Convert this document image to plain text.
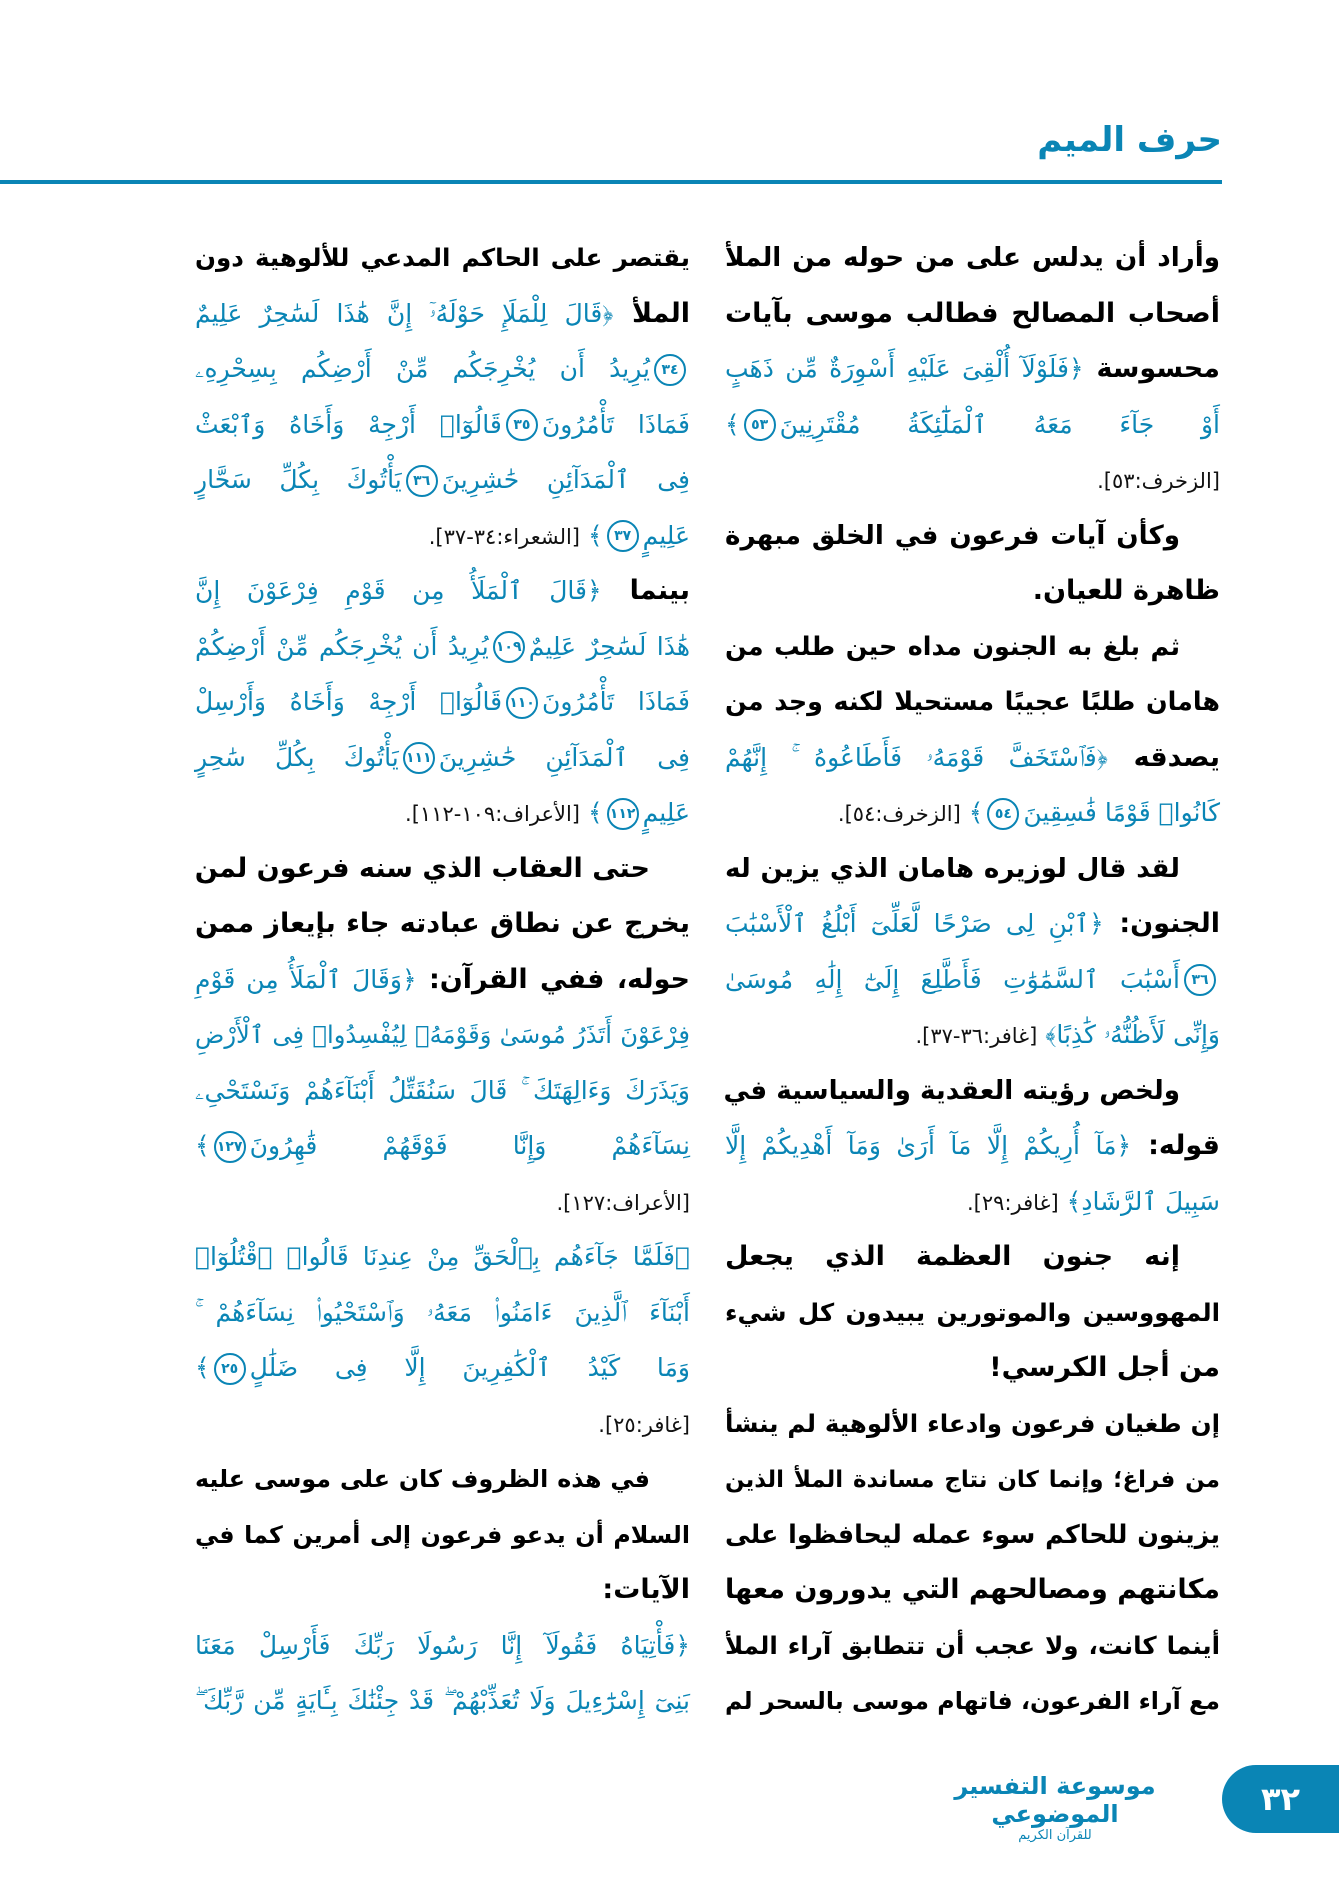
حرف الميم
وأراد أن يدلس على من حوله من الملأ
أصحاب المصالح فطالب موسى بآيات
محسوسة ﴿فَلَوْلَآ أُلْقِىَ عَلَيْهِ أَسْوِرَةٌ مِّن ذَهَبٍ
أَوْ جَآءَ مَعَهُ ٱلْمَلَٰٓئِكَةُ مُقْتَرِنِينَ٥٣﴾
[الزخرف:٥٣].
وكأن آيات فرعون في الخلق مبهرة
ظاهرة للعيان.
ثم بلغ به الجنون مداه حين طلب من
هامان طلبًا عجيبًا مستحيلا لكنه وجد من
يصدقه ﴿فَٱسْتَخَفَّ قَوْمَهُۥ فَأَطَاعُوهُ ۚ إِنَّهُمْ
كَانُوا۟ قَوْمًا فَٰسِقِينَ٥٤﴾ [الزخرف:٥٤].
لقد قال لوزيره هامان الذي يزين له
الجنون: ﴿ٱبْنِ لِى صَرْحًا لَّعَلِّىٓ أَبْلُغُ ٱلْأَسْبَٰبَ
٣٦أَسْبَٰبَ ٱلسَّمَٰوَٰتِ فَأَطَّلِعَ إِلَىٰٓ إِلَٰهِ مُوسَىٰ
وَإِنِّى لَأَظُنُّهُۥ كَٰذِبًا﴾ [غافر:٣٦-٣٧].
ولخص رؤيته العقدية والسياسية في
قوله: ﴿مَآ أُرِيكُمْ إِلَّا مَآ أَرَىٰ وَمَآ أَهْدِيكُمْ إِلَّا
سَبِيلَ ٱلرَّشَادِ﴾ [غافر:٢٩].
إنه جنون العظمة الذي يجعل
المهووسين والموتورين يبيدون كل شيء
من أجل الكرسي!
إن طغيان فرعون وادعاء الألوهية لم ينشأ
من فراغ؛ وإنما كان نتاج مساندة الملأ الذين
يزينون للحاكم سوء عمله ليحافظوا على
مكانتهم ومصالحهم التي يدورون معها
أينما كانت، ولا عجب أن تتطابق آراء الملأ
مع آراء الفرعون، فاتهام موسى بالسحر لم
يقتصر على الحاكم المدعي للألوهية دون
الملأ ﴿قَالَ لِلْمَلَإِ حَوْلَهُۥٓ إِنَّ هَٰذَا لَسَٰحِرٌ عَلِيمٌ
٣٤يُرِيدُ أَن يُخْرِجَكُم مِّنْ أَرْضِكُم بِسِحْرِهِۦ
فَمَاذَا تَأْمُرُونَ٣٥قَالُوٓا۟ أَرْجِهْ وَأَخَاهُ وَٱبْعَثْ
فِى ٱلْمَدَآئِنِ حَٰشِرِينَ٣٦يَأْتُوكَ بِكُلِّ سَحَّارٍ
عَلِيمٍ٣٧﴾ [الشعراء:٣٤-٣٧].
بينما ﴿قَالَ ٱلْمَلَأُ مِن قَوْمِ فِرْعَوْنَ إِنَّ
هَٰذَا لَسَٰحِرٌ عَلِيمٌ١٠٩يُرِيدُ أَن يُخْرِجَكُم مِّنْ أَرْضِكُمْ
فَمَاذَا تَأْمُرُونَ١١٠قَالُوٓا۟ أَرْجِهْ وَأَخَاهُ وَأَرْسِلْ
فِى ٱلْمَدَآئِنِ حَٰشِرِينَ١١١يَأْتُوكَ بِكُلِّ سَٰحِرٍ
عَلِيمٍ١١٢﴾ [الأعراف:١٠٩-١١٢].
حتى العقاب الذي سنه فرعون لمن
يخرج عن نطاق عبادته جاء بإيعاز ممن
حوله، ففي القرآن: ﴿وَقَالَ ٱلْمَلَأُ مِن قَوْمِ
فِرْعَوْنَ أَتَذَرُ مُوسَىٰ وَقَوْمَهُۥ لِيُفْسِدُوا۟ فِى ٱلْأَرْضِ
وَيَذَرَكَ وَءَالِهَتَكَ ۚ قَالَ سَنُقَتِّلُ أَبْنَآءَهُمْ وَنَسْتَحْىِۦ
نِسَآءَهُمْ وَإِنَّا فَوْقَهُمْ قَٰهِرُونَ١٢٧﴾
[الأعراف:١٢٧].
﴿فَلَمَّا جَآءَهُم بِٱلْحَقِّ مِنْ عِندِنَا قَالُوا۟ ٱقْتُلُوٓا۟
أَبْنَآءَ ٱلَّذِينَ ءَامَنُوا۟ مَعَهُۥ وَٱسْتَحْيُوا۟ نِسَآءَهُمْ ۚ
وَمَا كَيْدُ ٱلْكَٰفِرِينَ إِلَّا فِى ضَلَٰلٍ٢٥﴾
[غافر:٢٥].
في هذه الظروف كان على موسى عليه
السلام أن يدعو فرعون إلى أمرين كما في
الآيات:
﴿فَأْتِيَاهُ فَقُولَآ إِنَّا رَسُولَا رَبِّكَ فَأَرْسِلْ مَعَنَا
بَنِىٓ إِسْرَٰٓءِيلَ وَلَا تُعَذِّبْهُمْ ۖ قَدْ جِئْنَٰكَ بِـَٔايَةٍ مِّن رَّبِّكَ ۖ
موسوعة التفسير الموضوعي
للقرآن الكريم
٣٢
